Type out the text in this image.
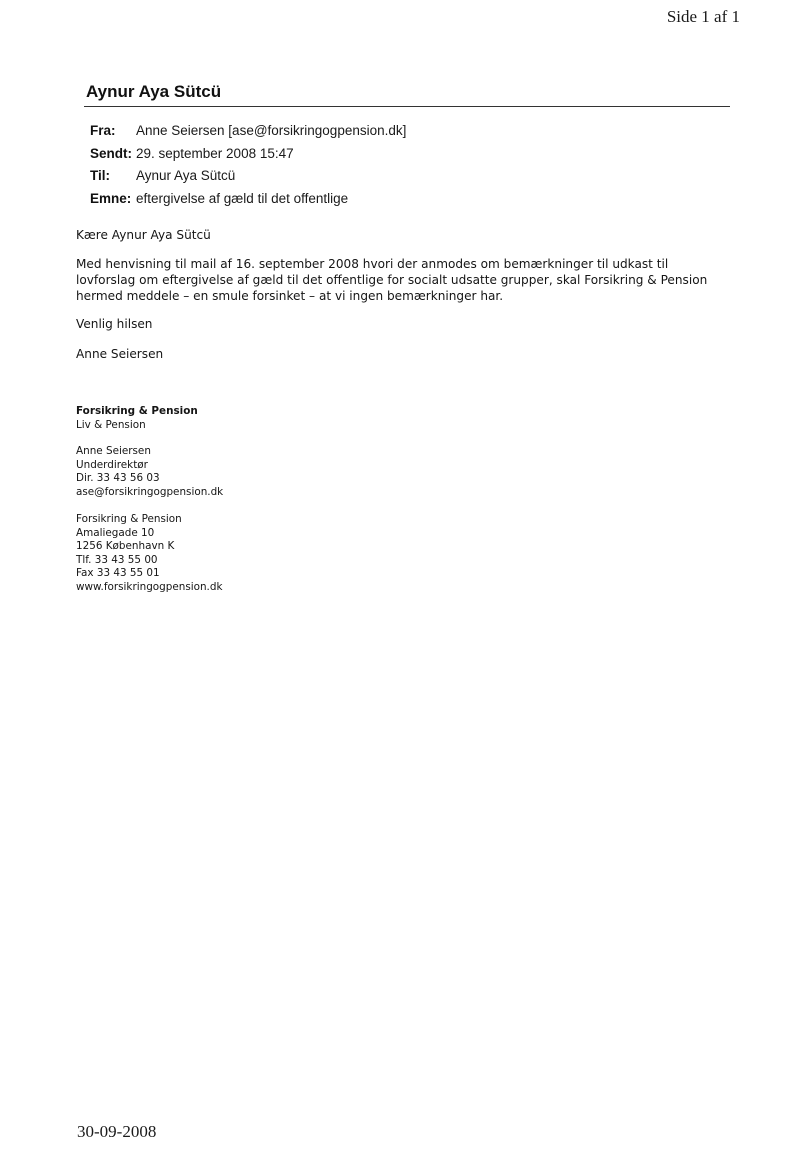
Side 1 af 1
Aynur Aya Sütcü
Fra:	Anne Seiersen [ase@forsikringogpension.dk]
Sendt: 29. september 2008 15:47
Til:	Aynur Aya Sütcü
Emne: eftergivelse af gæld til det offentlige
Kære Aynur Aya Sütcü
Med henvisning til mail af 16. september 2008 hvori der anmodes om bemærkninger til udkast til
lovforslag om eftergivelse af gæld til det offentlige for socialt udsatte grupper, skal Forsikring & Pension
hermed meddele – en smule forsinket – at vi ingen bemærkninger har.
Venlig hilsen
Anne Seiersen
Forsikring & Pension
Liv & Pension
Anne Seiersen
Underdirektør
Dir. 33 43 56 03
ase@forsikringogpension.dk
Forsikring & Pension
Amaliegade 10
1256 København K
Tlf. 33 43 55 00
Fax 33 43 55 01
www.forsikringogpension.dk
30-09-2008
